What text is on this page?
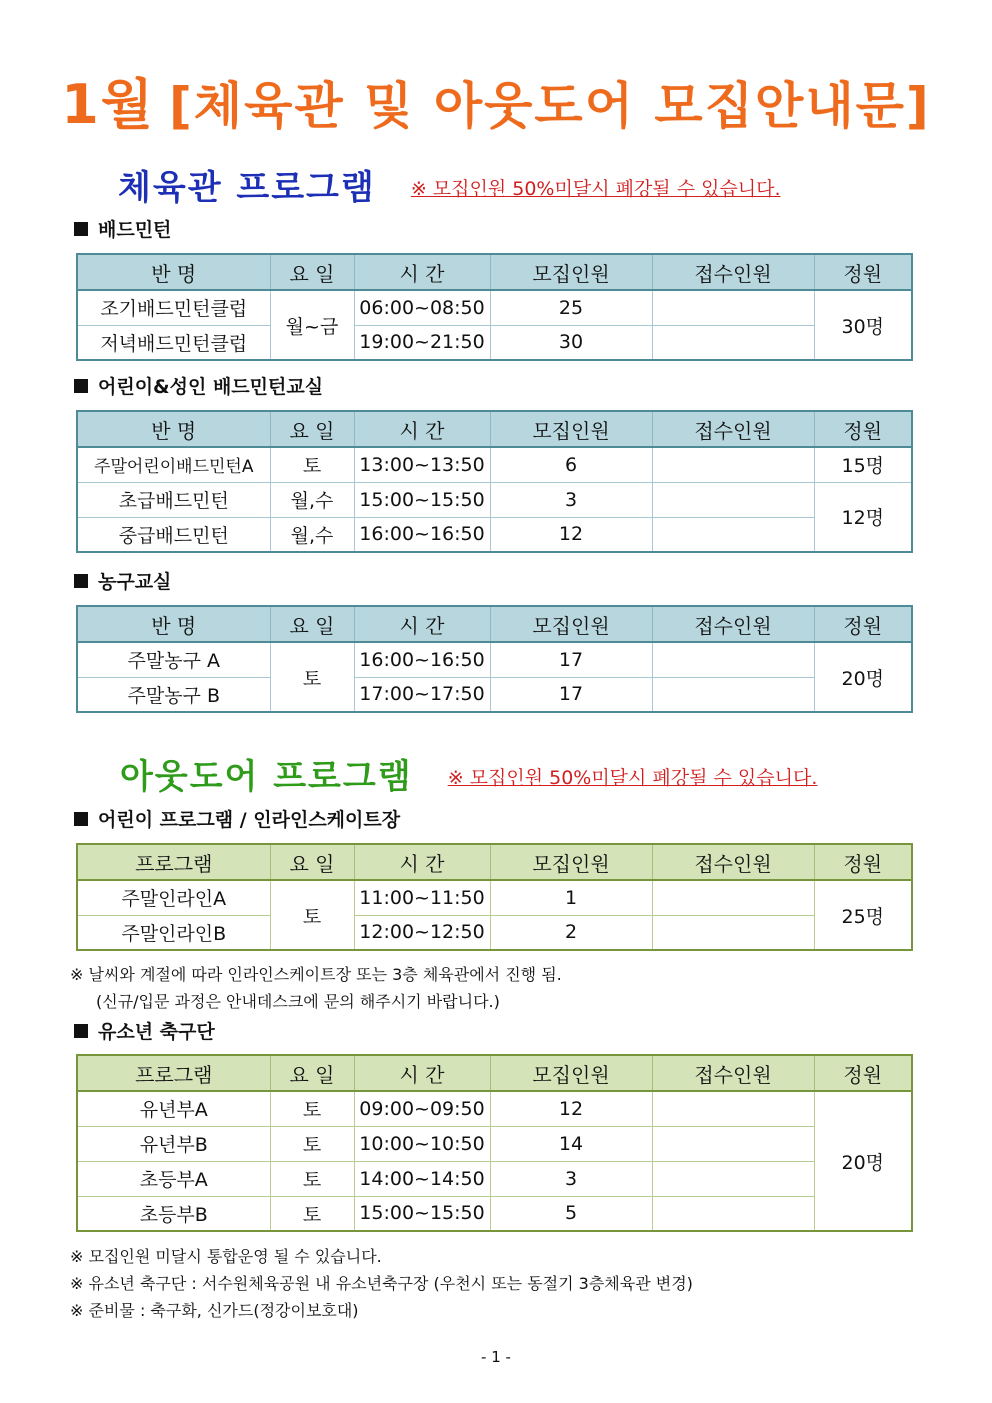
1월 [체육관 및 아웃도어 모집안내문]
체육관 프로그램 ※ 모집인원 50%미달시 폐강될 수 있습니다.
배드민턴
반 명	요 일	시 간	모집인원	접수인원	정원
조기배드민턴클럽	월~금	06:00~08:50	25		30명
저녁배드민턴클럽		19:00~21:50	30		
어린이&성인 배드민턴교실
반 명	요 일	시 간	모집인원	접수인원	정원
주말어린이배드민턴A	토	13:00~13:50	6		15명
초급배드민턴	월,수	15:00~15:50	3		12명
중급배드민턴	월,수	16:00~16:50	12		
농구교실
반 명	요 일	시 간	모집인원	접수인원	정원
주말농구 A	토	16:00~16:50	17		20명
주말농구 B		17:00~17:50	17		
아웃도어 프로그램 ※ 모집인원 50%미달시 폐강될 수 있습니다.
어린이 프로그램 / 인라인스케이트장
프로그램	요 일	시 간	모집인원	접수인원	정원
주말인라인A	토	11:00~11:50	1		25명
주말인라인B		12:00~12:50	2		
※ 날씨와 계절에 따라 인라인스케이트장 또는 3층 체육관에서 진행 됨.
(신규/입문 과정은 안내데스크에 문의 해주시기 바랍니다.)
유소년 축구단
프로그램	요 일	시 간	모집인원	접수인원	정원
유년부A	토	09:00~09:50	12		20명
유년부B	토	10:00~10:50	14		
초등부A	토	14:00~14:50	3		
초등부B	토	15:00~15:50	5		
※ 모집인원 미달시 통합운영 될 수 있습니다.
※ 유소년 축구단 : 서수원체육공원 내 유소년축구장 (우천시 또는 동절기 3층체육관 변경)
※ 준비물 : 축구화, 신가드(정강이보호대)
- 1 -
